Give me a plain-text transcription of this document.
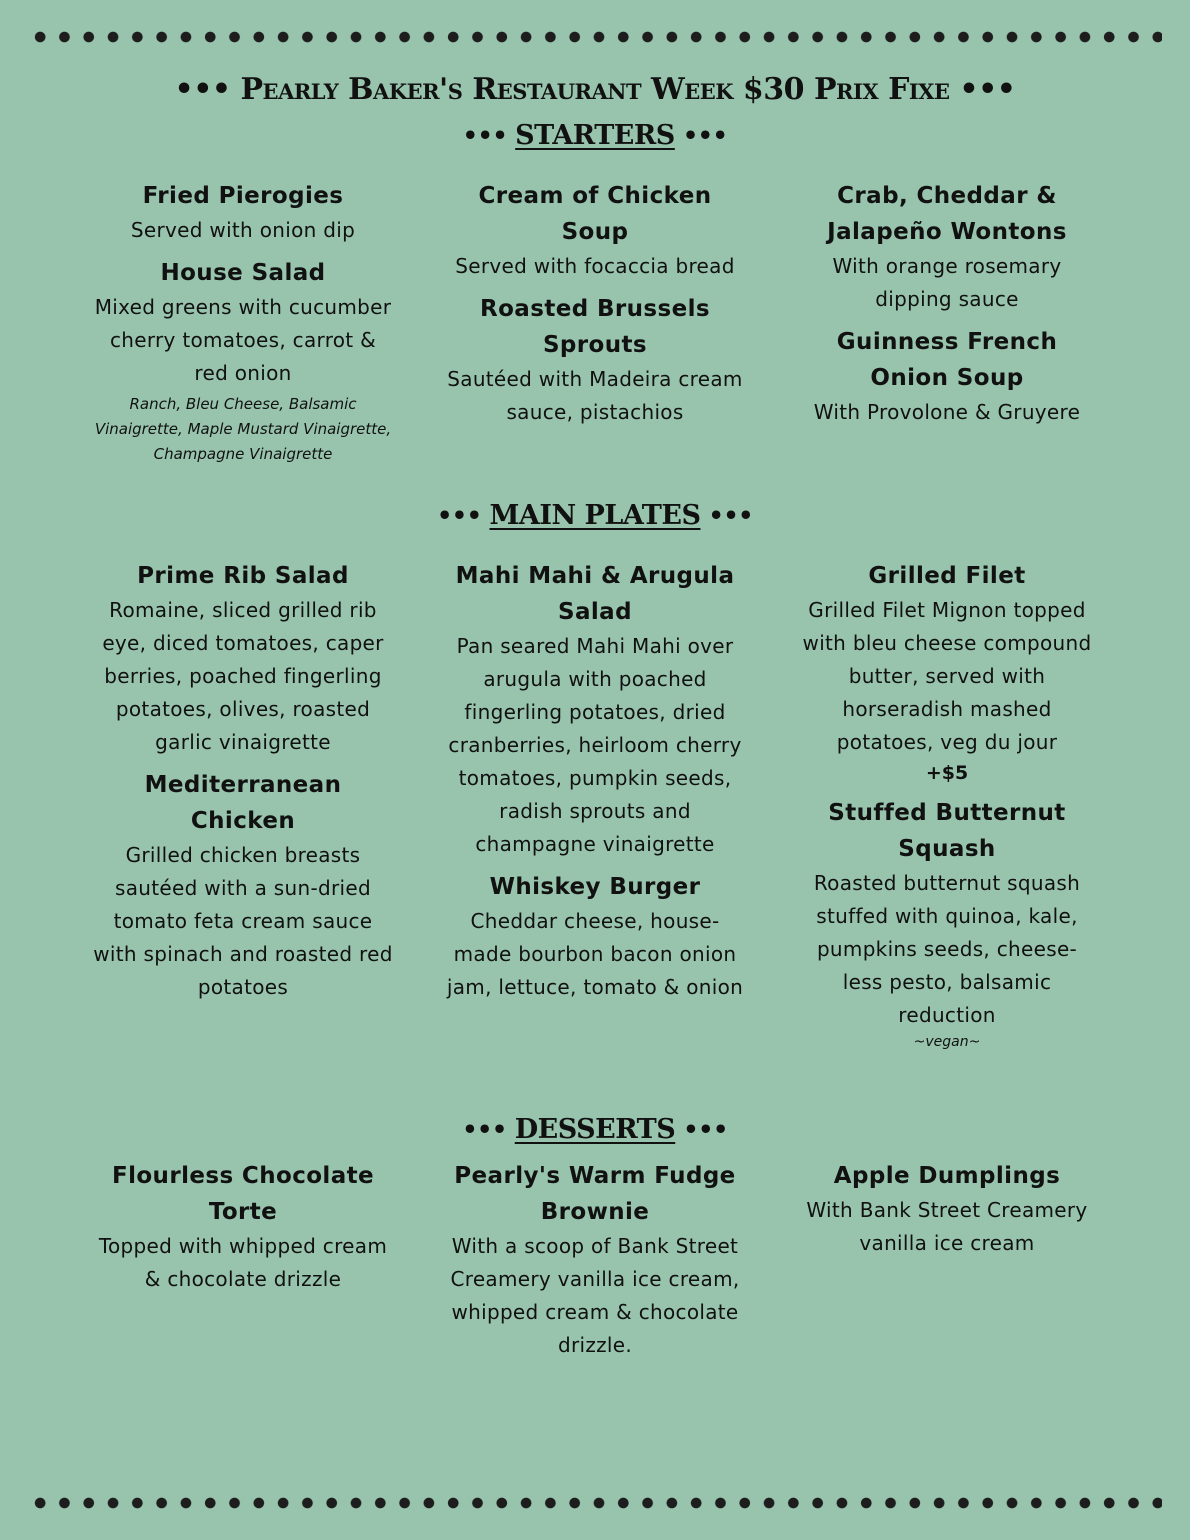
••• Pearly Baker's Restaurant Week $30 Prix Fixe •••
••• STARTERS •••
Fried Pierogies
Served with onion dip
House Salad
Mixed greens with cucumber cherry tomatoes, carrot & red onion
Ranch, Bleu Cheese, Balsamic Vinaigrette, Maple Mustard Vinaigrette, Champagne Vinaigrette
Cream of Chicken Soup
Served with focaccia bread
Roasted Brussels Sprouts
Sautéed with Madeira cream sauce, pistachios
Crab, Cheddar & Jalapeño Wontons
With orange rosemary dipping sauce
Guinness French Onion Soup
With Provolone & Gruyere
••• MAIN PLATES •••
Prime Rib Salad
Romaine, sliced grilled rib eye, diced tomatoes, caper berries, poached fingerling potatoes, olives, roasted garlic vinaigrette
Mediterranean Chicken
Grilled chicken breasts sautéed with a sun-dried tomato feta cream sauce with spinach and roasted red potatoes
Mahi Mahi & Arugula Salad
Pan seared Mahi Mahi over arugula with poached fingerling potatoes, dried cranberries, heirloom cherry tomatoes, pumpkin seeds, radish sprouts and champagne vinaigrette
Whiskey Burger
Cheddar cheese, house-made bourbon bacon onion jam, lettuce, tomato & onion
Grilled Filet
Grilled Filet Mignon topped with bleu cheese compound butter, served with horseradish mashed potatoes, veg du jour
+$5
Stuffed Butternut Squash
Roasted butternut squash stuffed with quinoa, kale, pumpkins seeds, cheese-less pesto, balsamic reduction
~vegan~
••• DESSERTS •••
Flourless Chocolate Torte
Topped with whipped cream & chocolate drizzle
Pearly's Warm Fudge Brownie
With a scoop of Bank Street Creamery vanilla ice cream, whipped cream & chocolate drizzle.
Apple Dumplings
With Bank Street Creamery vanilla ice cream
